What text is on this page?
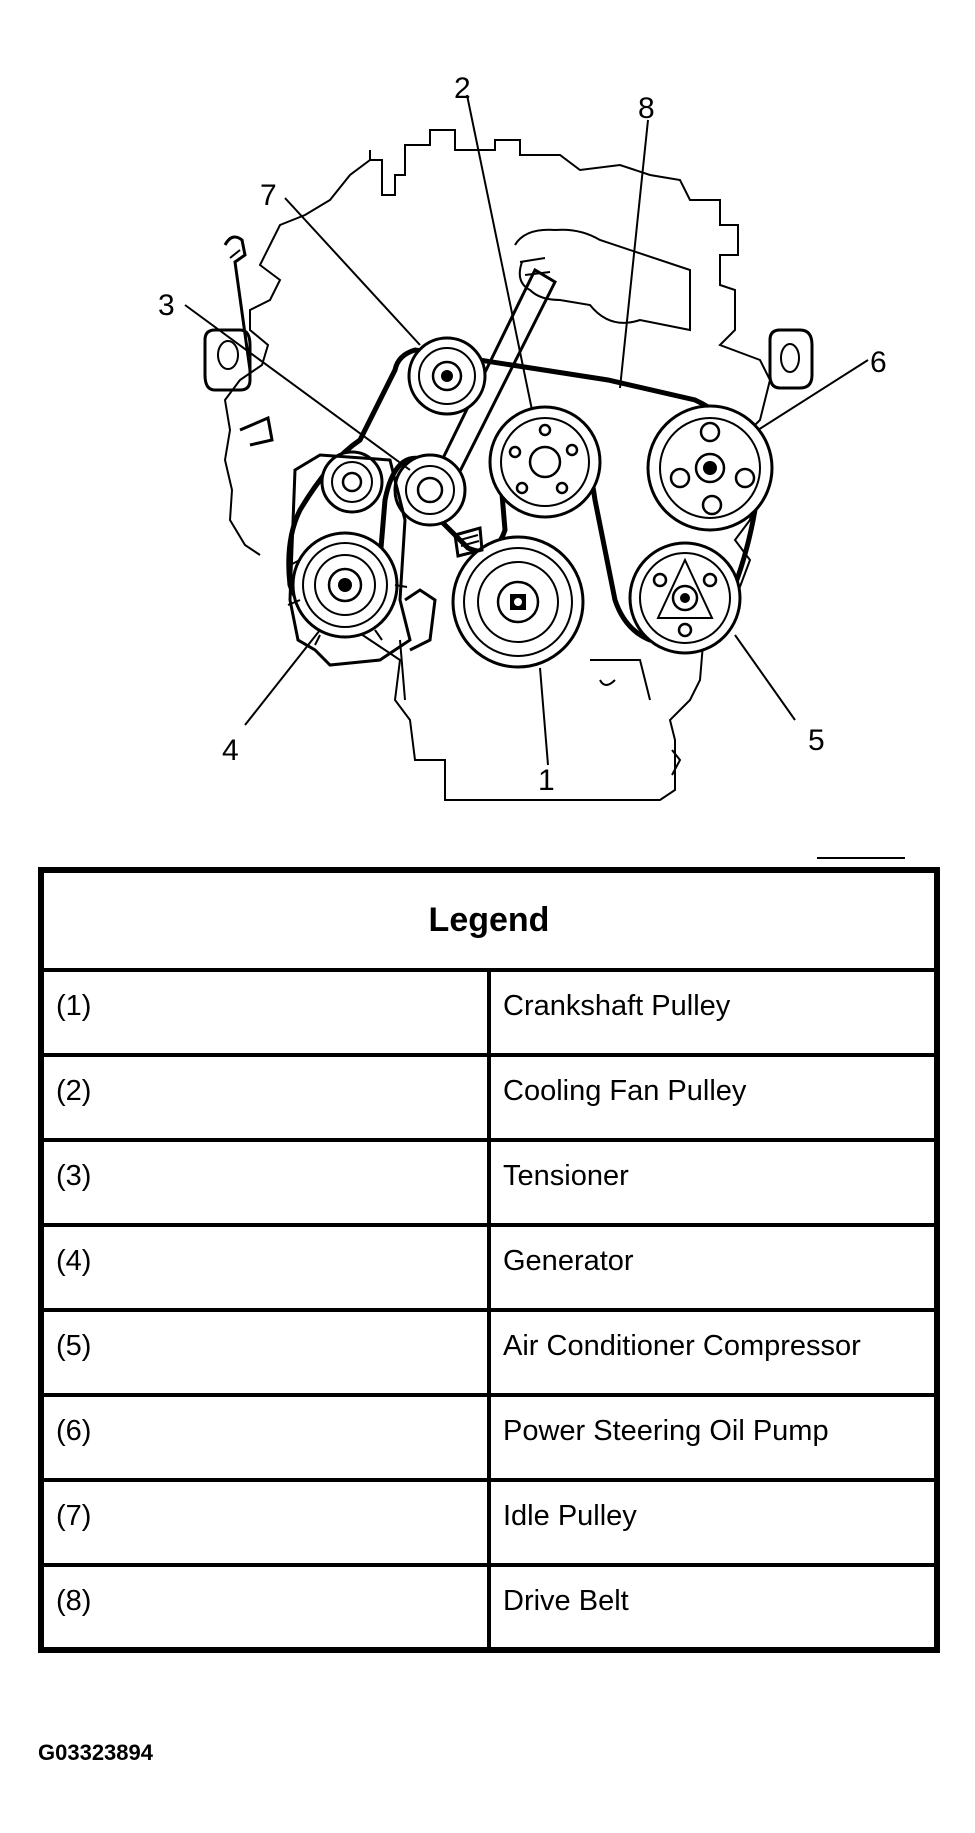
1
2
3
4	5
6
7
8
Legend	
(1)	Crankshaft Pulley
(2)	Cooling Fan Pulley
(3)	Tensioner
(4)	Generator
(5)	Air Conditioner Compressor
(6)	Power Steering Oil Pump
(7)	Idle Pulley
(8)	Drive Belt
G03323894
